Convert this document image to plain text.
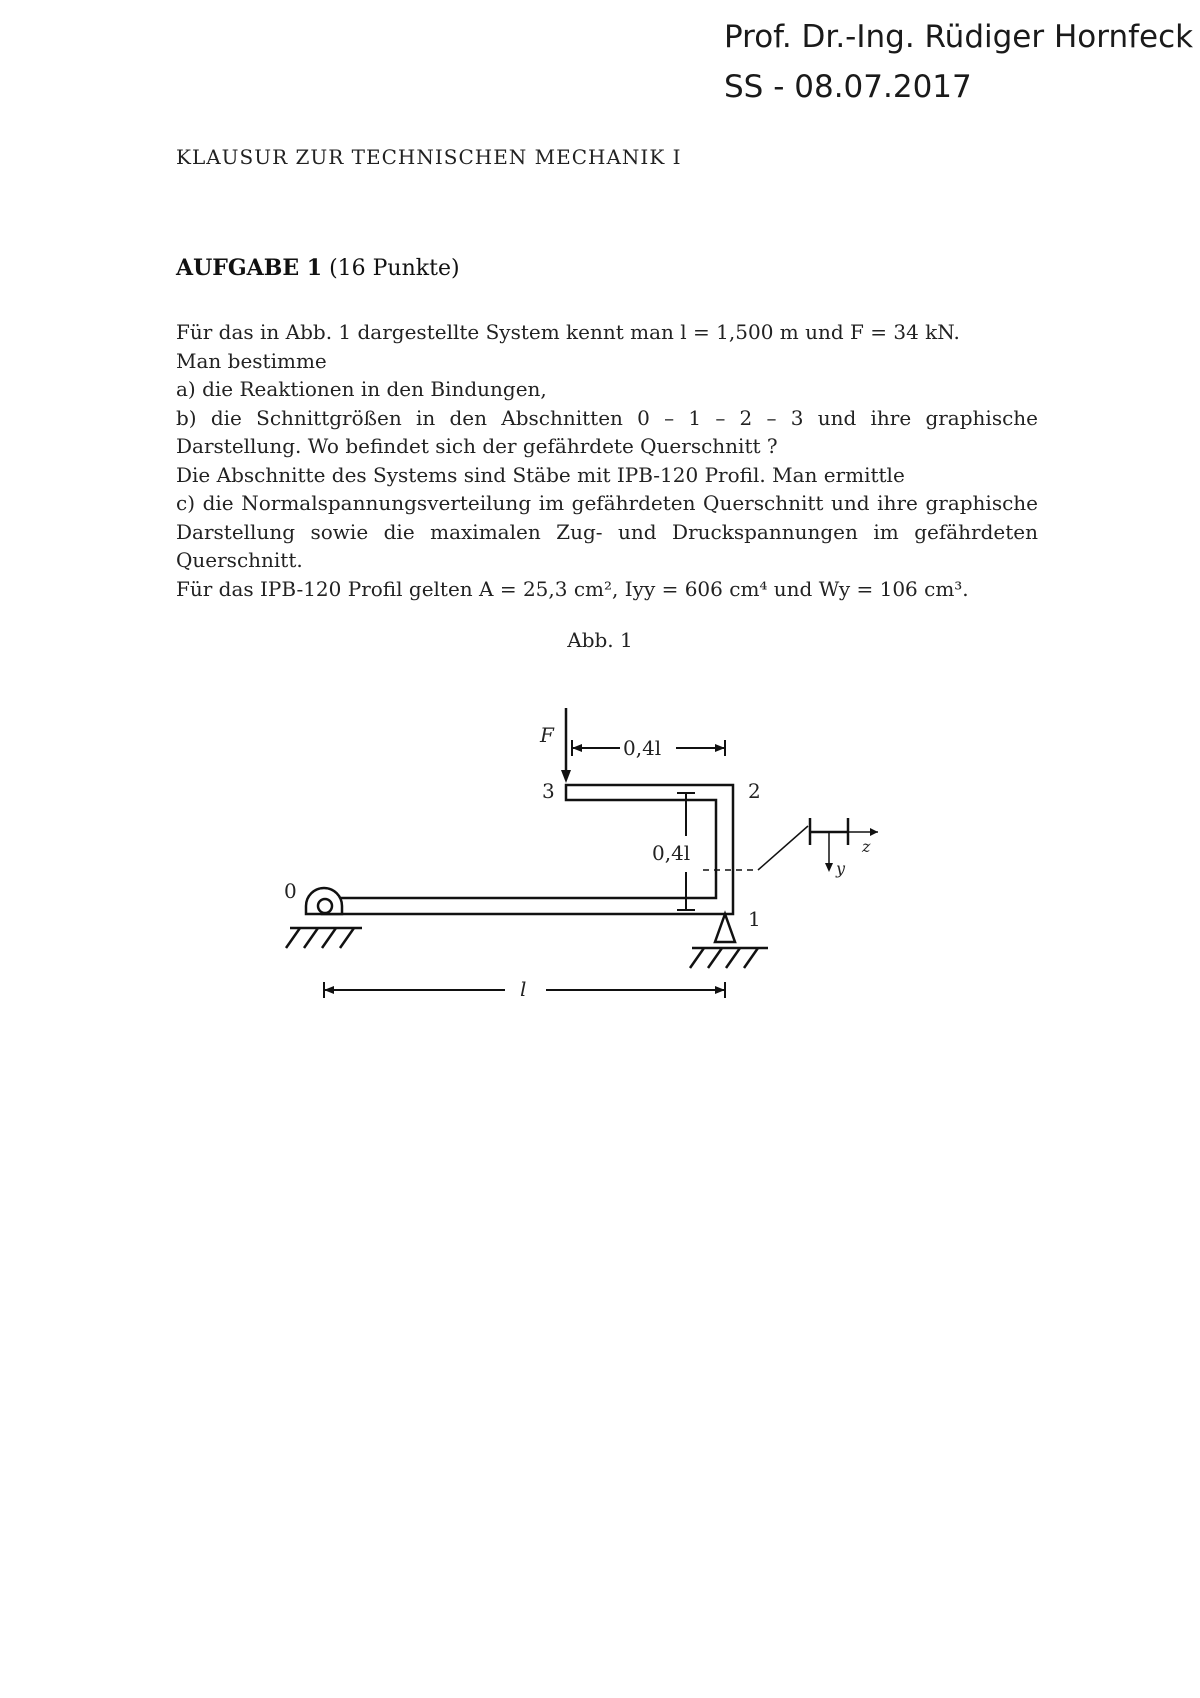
Prof. Dr.-Ing. Rüdiger Hornfeck
SS - 08.07.2017
KLAUSUR ZUR TECHNISCHEN MECHANIK I
AUFGABE 1 (16 Punkte)

Für das in Abb. 1 dargestellte System kennt man l = 1,500 m und F = 34 kN.

Man bestimme

a) die Reaktionen in den Bindungen,

b) die Schnittgrößen in den Abschnitten 0 – 1 – 2 – 3 und ihre graphische Darstellung. Wo befindet sich der gefährdete Querschnitt ?

Die Abschnitte des Systems sind Stäbe mit IPB-120 Profil. Man ermittle

c) die Normalspannungsverteilung im gefährdeten Querschnitt und ihre graphische Darstellung sowie die maximalen Zug- und Druckspannungen im gefährdeten Querschnitt.

Für das IPB-120 Profil gelten A = 25,3 cm², Iyy = 606 cm⁴ und Wy = 106 cm³.

Abb. 1
F
0,4l
0,4l
l
0
1
2
3
z
y
